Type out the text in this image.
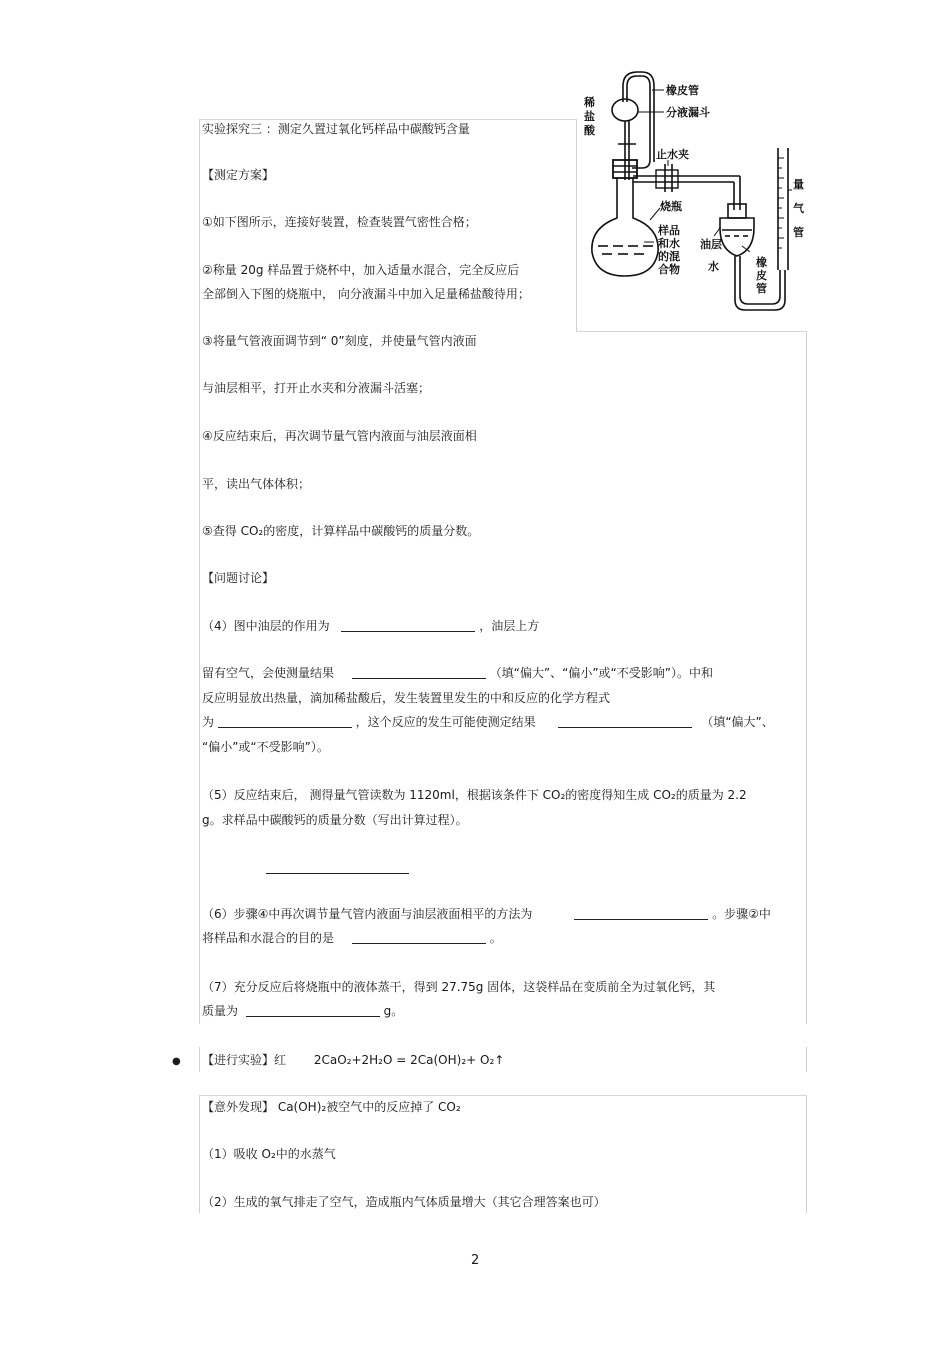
实验探究三 ：测定久置过氧化钙样品中碳酸钙含量
橡皮管
分液漏斗
稀
盐
酸
止水夹
烧瓶
样品
和水
的混
合物
油层
水	橡
皮
管
量
气
管
【测定方案】
①如下图所示，连接好装置，检查装置气密性合格；
②称量 20g 样品置于烧杯中，加入适量水混合，完全反应后
全部倒入下图的烧瓶中， 向分液漏斗中加入足量稀盐酸待用；
③将量气管液面调节到“ 0”刻度，并使量气管内液面
与油层相平，打开止水夹和分液漏斗活塞；
④反应结束后，再次调节量气管内液面与油层液面相
平，读出气体体积；
⑤查得 CO₂的密度，计算样品中碳酸钙的质量分数。
【问题讨论】
（4）图中油层的作用为	，油层上方
留有空气，会使测量结果	（填“偏大”、“偏小”或“不受影响”）。中和
反应明显放出热量，滴加稀盐酸后，发生装置里发生的中和反应的化学方程式
为	，这个反应的发生可能使测定结果	（填“偏大”、
“偏小”或“不受影响”）。
（5）反应结束后， 测得量气管读数为 1120ml，根据该条件下 CO₂的密度得知生成 CO₂的质量为 2.2
g。求样品中碳酸钙的质量分数（写出计算过程）。
（6）步骤④中再次调节量气管内液面与油层液面相平的方法为	。步骤②中
将样品和水混合的目的是	。
（7）充分反应后将烧瓶中的液体蒸干，得到 27.75g 固体，这袋样品在变质前全为过氧化钙，其
质量为	g。
● 【进行实验】红 2CaO₂+2H₂O = 2Ca(OH)₂+ O₂↑
【意外发现】 Ca(OH)₂被空气中的反应掉了 CO₂
（1）吸收 O₂中的水蒸气
（2）生成的氧气排走了空气，造成瓶内气体质量增大（其它合理答案也可）
2
